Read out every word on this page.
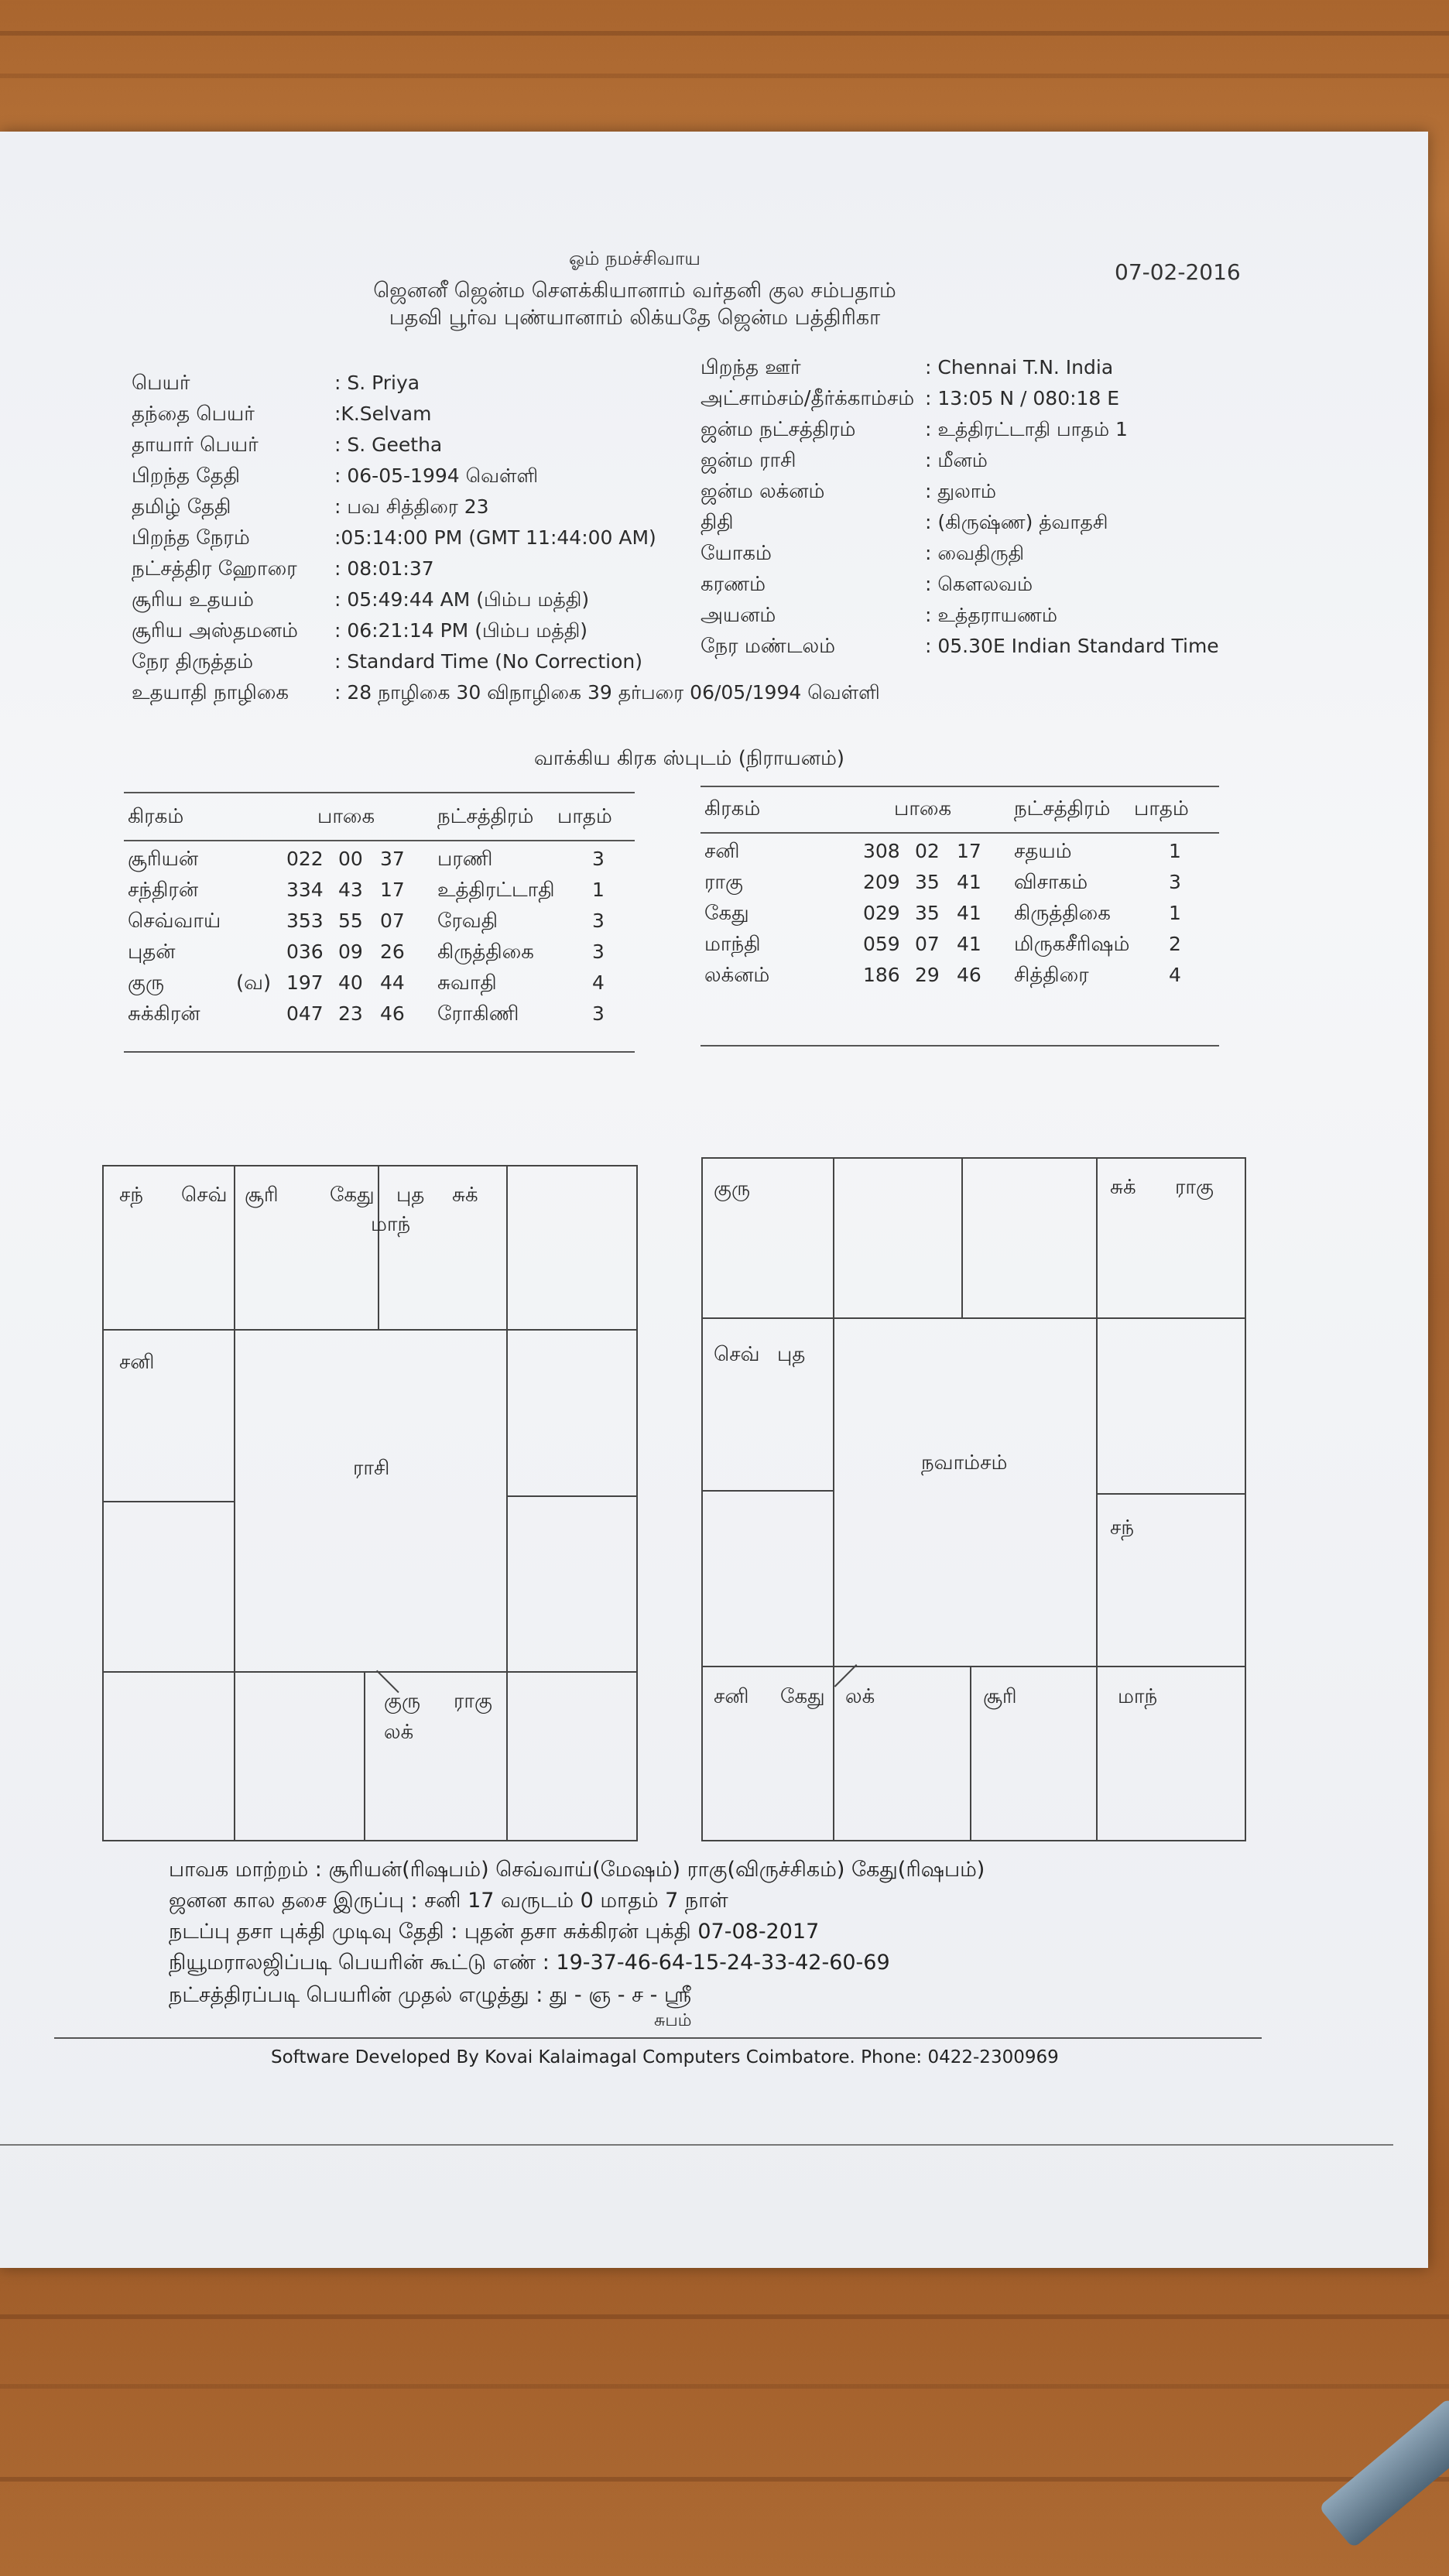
ஓம் நமச்சிவாய
ஜெனனீ ஜென்ம சௌக்கியானாம் வர்தனி குல சம்பதாம்
பதவி பூர்வ புண்யானாம் லிக்யதே ஜென்ம பத்திரிகா
07-02-2016
பெயர்	: S. Priya
தந்தை பெயர்	:K.Selvam
தாயார் பெயர்	: S. Geetha
பிறந்த தேதி	: 06-05-1994 வெள்ளி
தமிழ் தேதி	: பவ சித்திரை 23
பிறந்த நேரம்	:05:14:00 PM (GMT 11:44:00 AM)
நட்சத்திர ஹோரை : 08:01:37
சூரிய உதயம்	: 05:49:44 AM (பிம்ப மத்தி)
சூரிய அஸ்தமனம் : 06:21:14 PM (பிம்ப மத்தி)
நேர திருத்தம்	: Standard Time (No Correction)
உதயாதி நாழிகை : 28 நாழிகை 30 விநாழிகை 39 தர்பரை 06/05/1994 வெள்ளி
பிறந்த ஊர்	: Chennai T.N. India
அட்சாம்சம்/தீர்க்காம்சம் : 13:05 N / 080:18 E
ஜன்ம நட்சத்திரம்	: உத்திரட்டாதி பாதம் 1
ஜன்ம ராசி	: மீனம்
ஜன்ம லக்னம்	: துலாம்
திதி	: (கிருஷ்ண) த்வாதசி
யோகம்	: வைதிருதி
கரணம்	: கௌலவம்
அயனம்	: உத்தராயணம்
நேர மண்டலம்	: 05.30E Indian Standard Time
வாக்கிய கிரக ஸ்புடம் (நிராயனம்)
கிரகம்	பாகை	நட்சத்திரம் பாதம்
சூரியன்	022 00 37 பரணி	3
சந்திரன்	334 43 17 உத்திரட்டாதி 1
செவ்வாய்	353 55 07 ரேவதி	3
புதன்	036 09 26 கிருத்திகை	3
குரு	(வ) 197 40 44 சுவாதி	4
சுக்கிரன்	047 23 46 ரோகிணி	3
கிரகம்	பாகை	நட்சத்திரம் பாதம்
சனி	308 02 17 சதயம்	1
ராகு	209 35 41 விசாகம்	3
கேது	029 35 41 கிருத்திகை	1
மாந்தி	059 07 41 மிருகசீரிஷம் 2
லக்னம்	186 29 46 சித்திரை	4
சந் செவ் சூரி	கேது புத சுக்
மாந்
சனி
ராசி
குரு ராகு
லக்
குரு	சுக் ராகு
செவ் புத
நவாம்சம்
சந்
சனி கேது லக்	சூரி	மாந்
பாவக மாற்றம் : சூரியன்(ரிஷபம்) செவ்வாய்(மேஷம்) ராகு(விருச்சிகம்) கேது(ரிஷபம்)
ஜனன கால தசை இருப்பு : சனி 17 வருடம் 0 மாதம் 7 நாள்
நடப்பு தசா புக்தி முடிவு தேதி : புதன் தசா சுக்கிரன் புக்தி 07-08-2017
நியூமராலஜிப்படி பெயரின் கூட்டு எண் : 19-37-46-64-15-24-33-42-60-69
நட்சத்திரப்படி பெயரின் முதல் எழுத்து : து - ஞ - ச - ஸ்ரீ
சுபம்
Software Developed By Kovai Kalaimagal Computers Coimbatore. Phone: 0422-2300969
